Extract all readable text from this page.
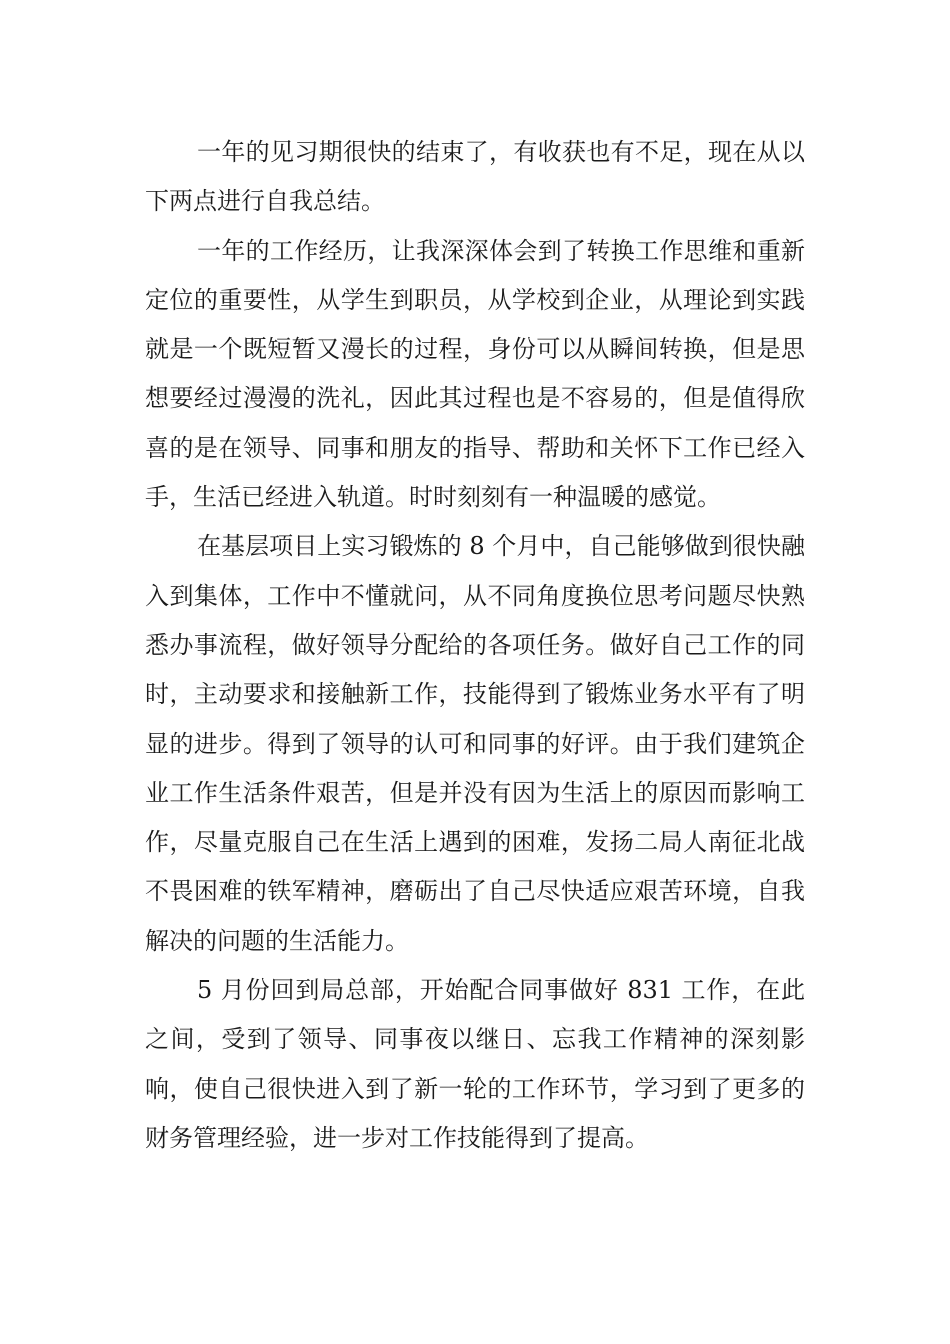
一年的见习期很快的结束了，有收获也有不足，现在从以下两点进行自我总结。

一年的工作经历，让我深深体会到了转换工作思维和重新定位的重要性，从学生到职员，从学校到企业，从理论到实践就是一个既短暂又漫长的过程，身份可以从瞬间转换，但是思想要经过漫漫的洗礼，因此其过程也是不容易的，但是值得欣喜的是在领导、同事和朋友的指导、帮助和关怀下工作已经入手，生活已经进入轨道。时时刻刻有一种温暖的感觉。

在基层项目上实习锻炼的 8 个月中，自己能够做到很快融入到集体，工作中不懂就问，从不同角度换位思考问题尽快熟悉办事流程，做好领导分配给的各项任务。做好自己工作的同时，主动要求和接触新工作，技能得到了锻炼业务水平有了明显的进步。得到了领导的认可和同事的好评。由于我们建筑企业工作生活条件艰苦，但是并没有因为生活上的原因而影响工作，尽量克服自己在生活上遇到的困难，发扬二局人南征北战不畏困难的铁军精神，磨砺出了自己尽快适应艰苦环境，自我解决的问题的生活能力。

5 月份回到局总部，开始配合同事做好 831 工作，在此之间，受到了领导、同事夜以继日、忘我工作精神的深刻影响，使自己很快进入到了新一轮的工作环节，学习到了更多的财务管理经验，进一步对工作技能得到了提高。
